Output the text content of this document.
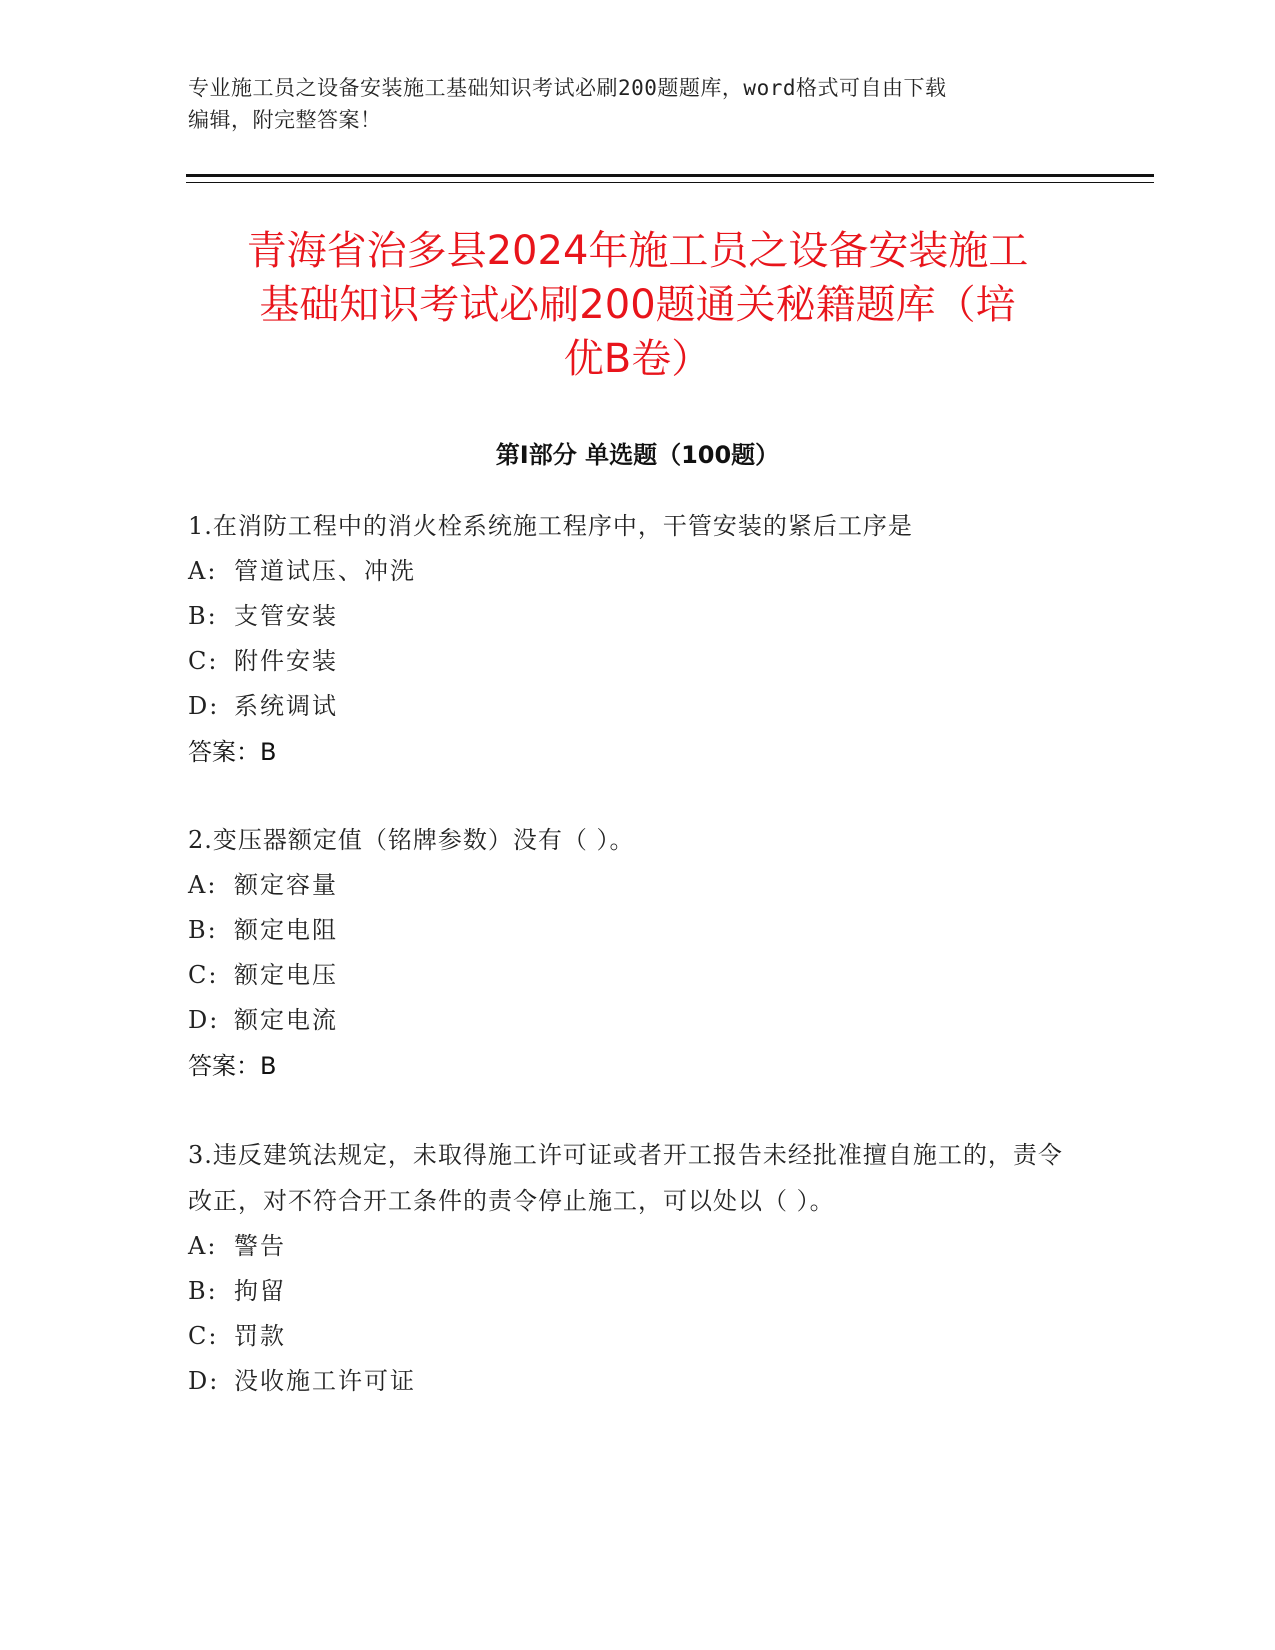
专业施工员之设备安装施工基础知识考试必刷200题题库，word格式可自由下载
编辑，附完整答案！
青海省治多县2024年施工员之设备安装施工
基础知识考试必刷200题通关秘籍题库（培
优B卷）
第Ⅰ部分 单选题（100题）

1.在消防工程中的消火栓系统施工程序中，干管安装的紧后工序是

A: 管道试压、冲洗

B: 支管安装

C: 附件安装

D: 系统调试

答案：B

2.变压器额定值（铭牌参数）没有（ ）。

A: 额定容量

B: 额定电阻

C: 额定电压

D: 额定电流

答案：B

3.违反建筑法规定，未取得施工许可证或者开工报告未经批准擅自施工的，责令改正，对不符合开工条件的责令停止施工，可以处以（ ）。

A: 警告

B: 拘留

C: 罚款

D: 没收施工许可证
